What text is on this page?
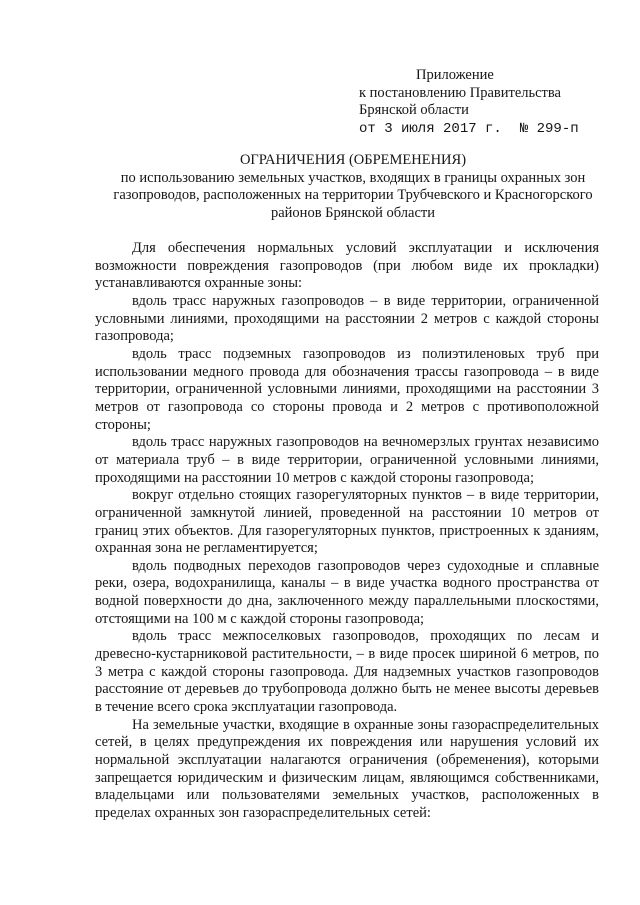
Приложение
к постановлению Правительства
Брянской области
от 3 июля 2017 г. № 299-п
ОГРАНИЧЕНИЯ (ОБРЕМЕНЕНИЯ)
по использованию земельных участков, входящих в границы охранных зон газопроводов, расположенных на территории Трубчевского и Красногорского районов Брянской области

Для обеспечения нормальных условий эксплуатации и исключения возможности повреждения газопроводов (при любом виде их прокладки) устанавливаются охранные зоны:

вдоль трасс наружных газопроводов – в виде территории, ограниченной условными линиями, проходящими на расстоянии 2 метров с каждой стороны газопровода;

вдоль трасс подземных газопроводов из полиэтиленовых труб при использовании медного провода для обозначения трассы газопровода – в виде территории, ограниченной условными линиями, проходящими на расстоянии 3 метров от газопровода со стороны провода и 2 метров с противоположной стороны;

вдоль трасс наружных газопроводов на вечномерзлых грунтах независимо от материала труб – в виде территории, ограниченной условными линиями, проходящими на расстоянии 10 метров с каждой стороны газопровода;

вокруг отдельно стоящих газорегуляторных пунктов – в виде территории, ограниченной замкнутой линией, проведенной на расстоянии 10 метров от границ этих объектов. Для газорегуляторных пунктов, пристроенных к зданиям, охранная зона не регламентируется;

вдоль подводных переходов газопроводов через судоходные и сплавные реки, озера, водохранилища, каналы – в виде участка водного пространства от водной поверхности до дна, заключенного между параллельными плоскостями, отстоящими на 100 м с каждой стороны газопровода;

вдоль трасс межпоселковых газопроводов, проходящих по лесам и древесно-кустарниковой растительности, – в виде просек шириной 6 метров, по 3 метра с каждой стороны газопровода. Для надземных участков газопроводов расстояние от деревьев до трубопровода должно быть не менее высоты деревьев в течение всего срока эксплуатации газопровода.

На земельные участки, входящие в охранные зоны газораспределительных сетей, в целях предупреждения их повреждения или нарушения условий их нормальной эксплуатации налагаются ограничения (обременения), которыми запрещается юридическим и физическим лицам, являющимся собственниками, владельцами или пользователями земельных участков, расположенных в пределах охранных зон газораспределительных сетей:
